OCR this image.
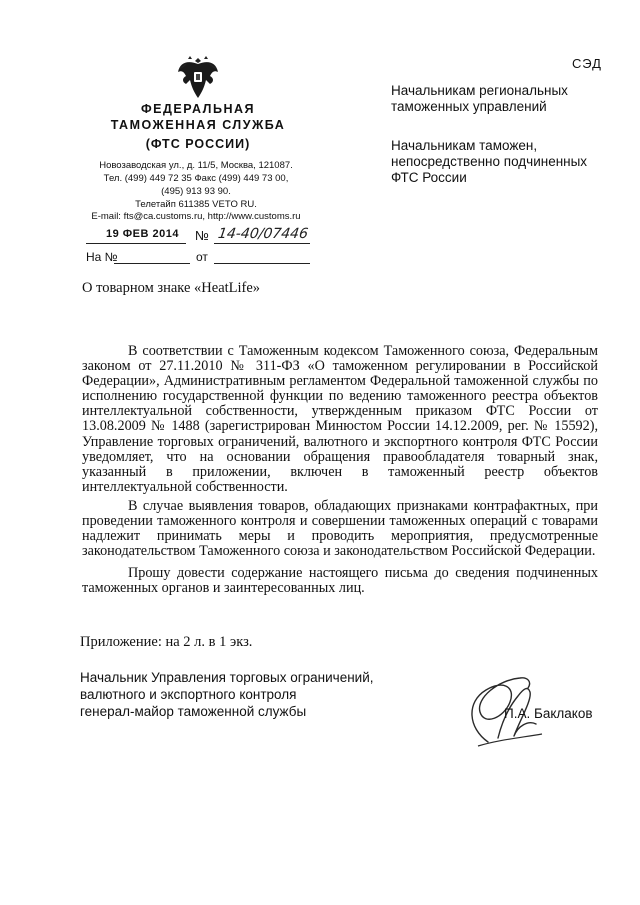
ФЕДЕРАЛЬНАЯ
ТАМОЖЕННАЯ СЛУЖБА
(ФТС РОССИИ)
Новозаводская ул., д. 11/5, Москва, 121087.
Тел. (499) 449 72 35 Факс (499) 449 73 00,
(495) 913 93 90.
Телетайп 611385 VETO RU.
E-mail: fts@ca.customs.ru, http://www.customs.ru
19 ФЕВ 2014 № 14-40/07446
На №	от
О товарном знаке «HeatLife»
СЭД
Начальникам региональных
таможенных управлений
Начальникам таможен,
непосредственно подчиненных
ФТС России

В соответствии с Таможенным кодексом Таможенного союза, Федеральным законом от 27.11.2010 № 311-ФЗ «О таможенном регулировании в Российской Федерации», Административным регламентом Федеральной таможенной службы по исполнению государственной функции по ведению таможенного реестра объектов интеллектуальной собственности, утвержденным приказом ФТС России от 13.08.2009 № 1488 (зарегистрирован Минюстом России 14.12.2009, рег. № 15592), Управление торговых ограничений, валютного и экспортного контроля ФТС России уведомляет, что на основании обращения правообладателя товарный знак, указанный в приложении, включен в таможенный реестр объектов интеллектуальной собственности.

В случае выявления товаров, обладающих признаками контрафактных, при проведении таможенного контроля и совершении таможенных операций с товарами надлежит принимать меры и проводить мероприятия, предусмотренные законодательством Таможенного союза и законодательством Российской Федерации.

Прошу довести содержание настоящего письма до сведения подчиненных таможенных органов и заинтересованных лиц.

Приложение: на 2 л. в 1 экз.
Начальник Управления торговых ограничений,
валютного и экспортного контроля
генерал-майор таможенной службы	П.А. Баклаков
